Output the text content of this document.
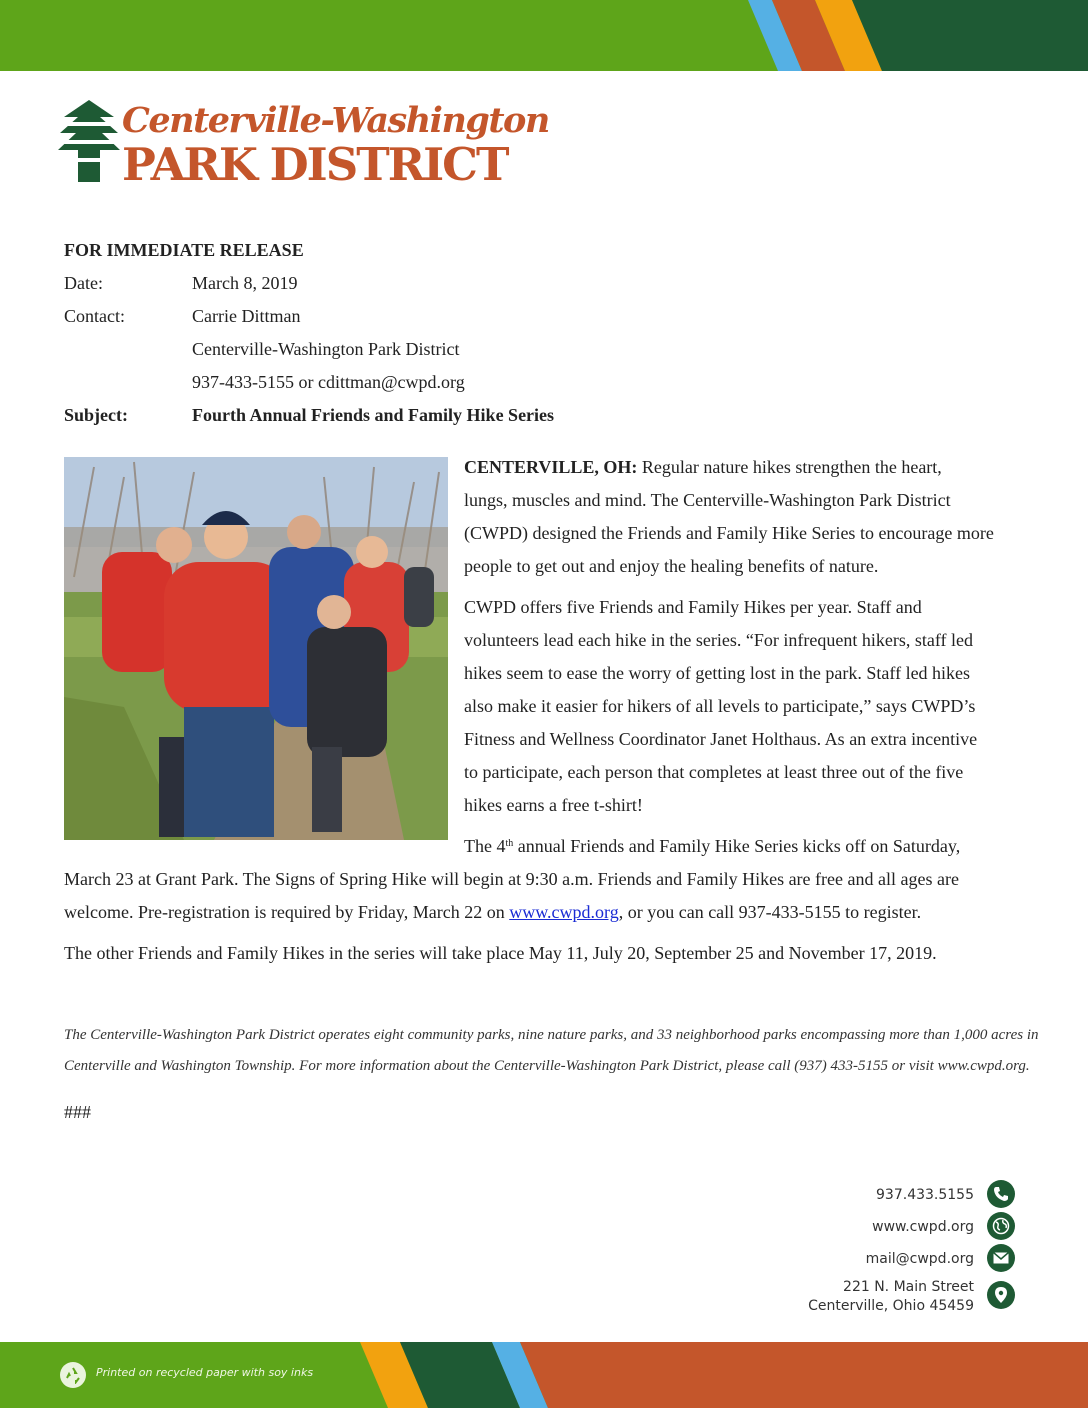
Centerville-Washington
PARK DISTRICT
FOR IMMEDIATE RELEASE
Date:	March 8, 2019
Contact:	Carrie Dittman
Centerville-Washington Park District
937-433-5155 or cdittman@cwpd.org
Subject:	Fourth Annual Friends and Family Hike Series
CENTERVILLE, OH: Regular nature hikes strengthen the heart,
lungs, muscles and mind. The Centerville-Washington Park District
(CWPD) designed the Friends and Family Hike Series to encourage more
people to get out and enjoy the healing benefits of nature.
CWPD offers five Friends and Family Hikes per year. Staff and
volunteers lead each hike in the series. “For infrequent hikers, staff led
hikes seem to ease the worry of getting lost in the park. Staff led hikes
also make it easier for hikers of all levels to participate,” says CWPD’s
Fitness and Wellness Coordinator Janet Holthaus. As an extra incentive
to participate, each person that completes at least three out of the five
hikes earns a free t-shirt!
The 4th annual Friends and Family Hike Series kicks off on Saturday,
March 23 at Grant Park. The Signs of Spring Hike will begin at 9:30 a.m. Friends and Family Hikes are free and all ages are
welcome. Pre-registration is required by Friday, March 22 on www.cwpd.org, or you can call 937-433-5155 to register.
The other Friends and Family Hikes in the series will take place May 11, July 20, September 25 and November 17, 2019.
The Centerville-Washington Park District operates eight community parks, nine nature parks, and 33 neighborhood parks encompassing more than 1,000 acres in
Centerville and Washington Township. For more information about the Centerville-Washington Park District, please call (937) 433-5155 or visit www.cwpd.org.
###
937.433.5155
www.cwpd.org
mail@cwpd.org
221 N. Main Street
Centerville, Ohio 45459
Printed on recycled paper with soy inks
